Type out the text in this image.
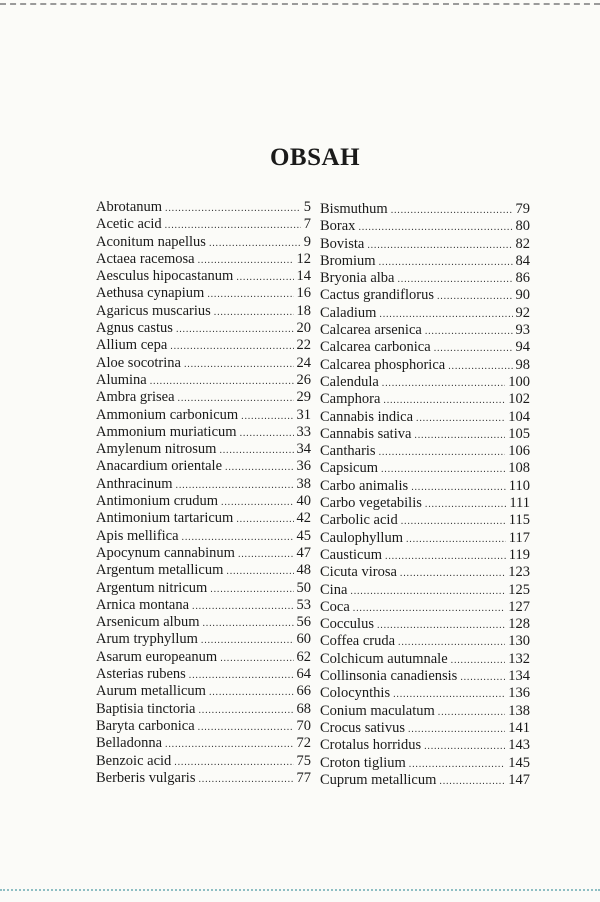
OBSAH
Abrotanum .....	5
Acetic acid .....	7
Aconitum napellus .....	9
Actaea racemosa .....	12
Aesculus hipocastanum .....	14
Aethusa cynapium .....	16
Agaricus muscarius .....	18
Agnus castus .....	20
Allium cepa .....	22
Aloe socotrina .....	24
Alumina .....	26
Ambra grisea .....	29
Ammonium carbonicum .....	31
Ammonium muriaticum .....	33
Amylenum nitrosum .....	34
Anacardium orientale .....	36
Anthracinum .....	38
Antimonium crudum .....	40
Antimonium tartaricum .....	42
Apis mellifica .....	45
Apocynum cannabinum .....	47
Argentum metallicum .....	48
Argentum nitricum .....	50
Arnica montana .....	53
Arsenicum album .....	56
Arum tryphyllum .....	60
Asarum europeanum .....	62
Asterias rubens .....	64
Aurum metallicum .....	66
Baptisia tinctoria .....	68
Baryta carbonica .....	70
Belladonna .....	72
Benzoic acid .....	75
Berberis vulgaris .....	77
Bismuthum .....	79
Borax .....	80
Bovista .....	82
Bromium .....	84
Bryonia alba .....	86
Cactus grandiflorus .....	90
Caladium .....	92
Calcarea arsenica .....	93
Calcarea carbonica .....	94
Calcarea phosphorica .....	98
Calendula .....	100
Camphora .....	102
Cannabis indica .....	104
Cannabis sativa .....	105
Cantharis .....	106
Capsicum .....	108
Carbo animalis .....	110
Carbo vegetabilis .....	111
Carbolic acid .....	115
Caulophyllum .....	117
Causticum .....	119
Cicuta virosa .....	123
Cina .....	125
Coca .....	127
Cocculus .....	128
Coffea cruda .....	130
Colchicum autumnale .....	132
Collinsonia canadiensis .....	134
Colocynthis .....	136
Conium maculatum .....	138
Crocus sativus .....	141
Crotalus horridus .....	143
Croton tiglium .....	145
Cuprum metallicum .....	147
